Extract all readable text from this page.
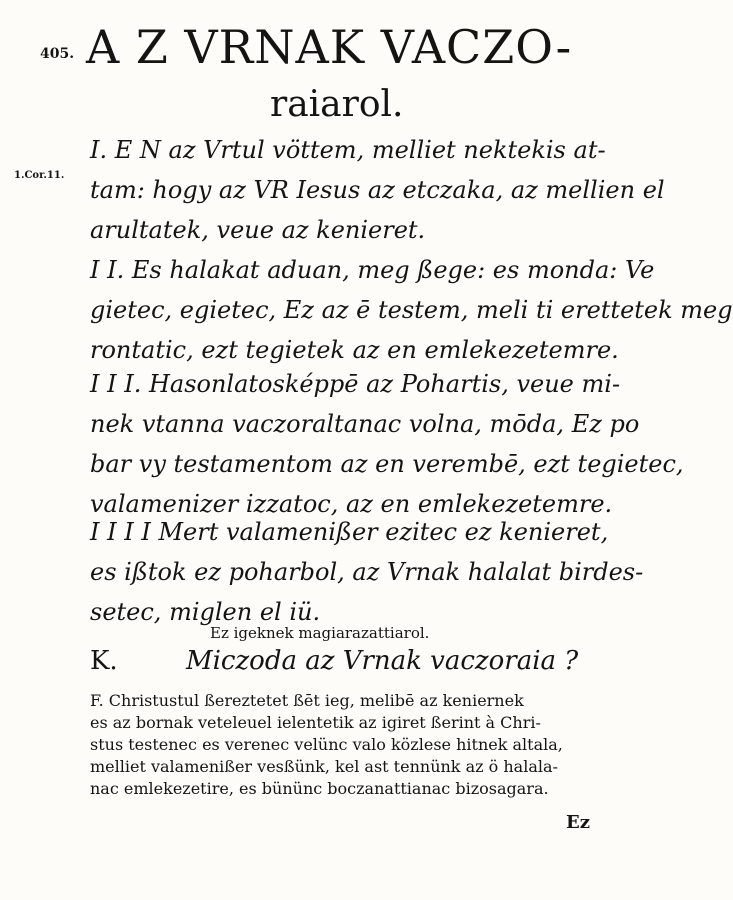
405. A Z VRNAK VACZO-
raiarol.
1.Cor.11.
I. E N az Vrtul vöttem, melliet nektekis at-
tam: hogy az VR Iesus az etczaka, az mellien el
arultatek, veue az kenieret.
I I. Es halakat aduan, meg ßege: es monda: Ve
gietec, egietec, Ez az ē testem, meli ti erettetek meg
rontatic, ezt tegietek az en emlekezetemre.
I I I. Hasonlatosképpē az Pohartis, veue mi-
nek vtanna vaczoraltanac volna, mōda, Ez po
bar vy testamentom az en verembē, ezt tegietec,
valamenizer izzatoc, az en emlekezetemre.
I I I I Mert valamenißer ezitec ez kenieret,
es ißtok ez poharbol, az Vrnak halalat birdes-
setec, miglen el iü.
Ez igeknek magiarazattiarol.
K.	Miczoda az Vrnak vaczoraia ?
F. Christustul ßereztetet ßēt ieg, melibē az keniernek
es az bornak veteleuel ielentetik az igiret ßerint à Chri-
stus testenec es verenec velünc valo közlese hitnek altala,
melliet valamenißer vesßünk, kel ast tennünk az ö halala-
nac emlekezetire, es bününc boczanattianac bizosagara.
Ez
